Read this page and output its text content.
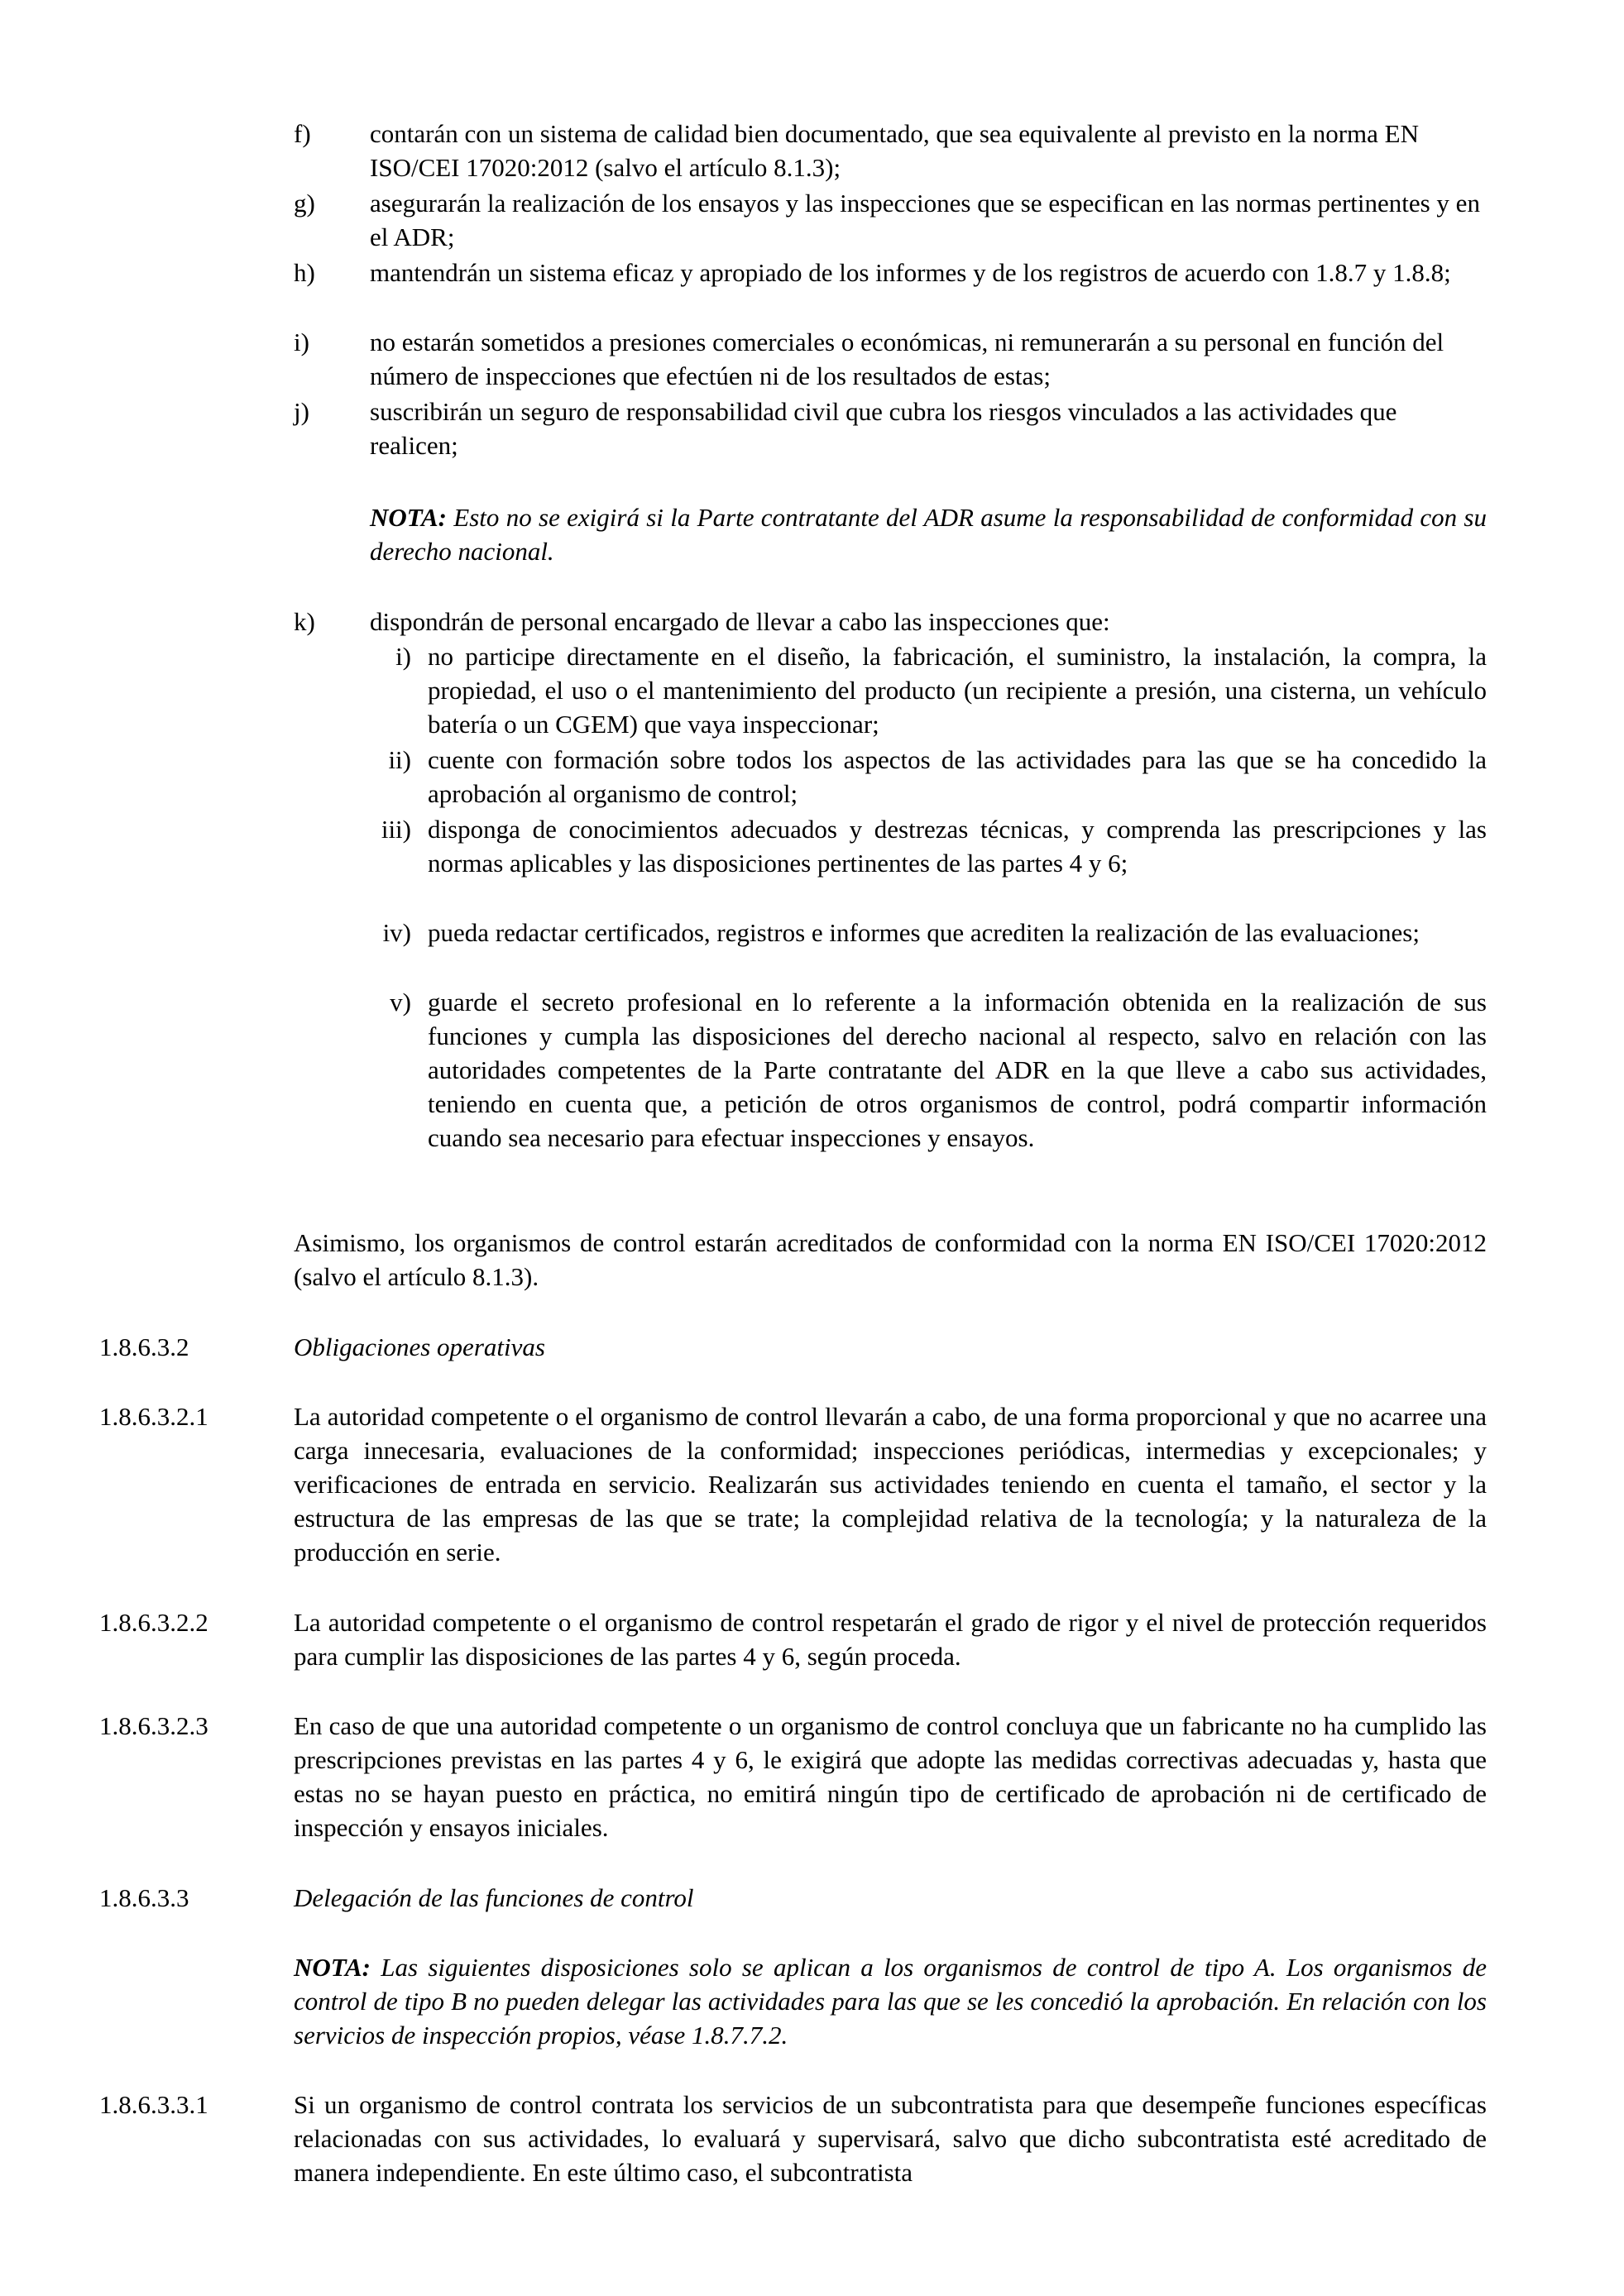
f) contarán con un sistema de calidad bien documentado, que sea equivalente al previsto en la norma EN ISO/CEI 17020:2012 (salvo el artículo 8.1.3);
g) asegurarán la realización de los ensayos y las inspecciones que se especifican en las normas pertinentes y en el ADR;
h) mantendrán un sistema eficaz y apropiado de los informes y de los registros de acuerdo con 1.8.7 y 1.8.8;
i) no estarán sometidos a presiones comerciales o económicas, ni remunerarán a su personal en función del número de inspecciones que efectúen ni de los resultados de estas;
j) suscribirán un seguro de responsabilidad civil que cubra los riesgos vinculados a las actividades que realicen;
NOTA: Esto no se exigirá si la Parte contratante del ADR asume la responsabilidad de conformidad con su derecho nacional.
k) dispondrán de personal encargado de llevar a cabo las inspecciones que:
i) no participe directamente en el diseño, la fabricación, el suministro, la instalación, la compra, la propiedad, el uso o el mantenimiento del producto (un recipiente a presión, una cisterna, un vehículo batería o un CGEM) que vaya inspeccionar;
ii) cuente con formación sobre todos los aspectos de las actividades para las que se ha concedido la aprobación al organismo de control;
iii) disponga de conocimientos adecuados y destrezas técnicas, y comprenda las prescripciones y las normas aplicables y las disposiciones pertinentes de las partes 4 y 6;
iv) pueda redactar certificados, registros e informes que acrediten la realización de las evaluaciones;
v) guarde el secreto profesional en lo referente a la información obtenida en la realización de sus funciones y cumpla las disposiciones del derecho nacional al respecto, salvo en relación con las autoridades competentes de la Parte contratante del ADR en la que lleve a cabo sus actividades, teniendo en cuenta que, a petición de otros organismos de control, podrá compartir información cuando sea necesario para efectuar inspecciones y ensayos.
Asimismo, los organismos de control estarán acreditados de conformidad con la norma EN ISO/CEI 17020:2012 (salvo el artículo 8.1.3).
1.8.6.3.2	Obligaciones operativas
1.8.6.3.2.1	La autoridad competente o el organismo de control llevarán a cabo, de una forma proporcional y que no acarree una carga innecesaria, evaluaciones de la conformidad; inspecciones periódicas, intermedias y excepcionales; y verificaciones de entrada en servicio. Realizarán sus actividades teniendo en cuenta el tamaño, el sector y la estructura de las empresas de las que se trate; la complejidad relativa de la tecnología; y la naturaleza de la producción en serie.
1.8.6.3.2.2	La autoridad competente o el organismo de control respetarán el grado de rigor y el nivel de protección requeridos para cumplir las disposiciones de las partes 4 y 6, según proceda.
1.8.6.3.2.3	En caso de que una autoridad competente o un organismo de control concluya que un fabricante no ha cumplido las prescripciones previstas en las partes 4 y 6, le exigirá que adopte las medidas correctivas adecuadas y, hasta que estas no se hayan puesto en práctica, no emitirá ningún tipo de certificado de aprobación ni de certificado de inspección y ensayos iniciales.
1.8.6.3.3	Delegación de las funciones de control
NOTA: Las siguientes disposiciones solo se aplican a los organismos de control de tipo A. Los organismos de control de tipo B no pueden delegar las actividades para las que se les concedió la aprobación. En relación con los servicios de inspección propios, véase 1.8.7.7.2.
1.8.6.3.3.1	Si un organismo de control contrata los servicios de un subcontratista para que desempeñe funciones específicas relacionadas con sus actividades, lo evaluará y supervisará, salvo que dicho subcontratista esté acreditado de manera independiente. En este último caso, el subcontratista
